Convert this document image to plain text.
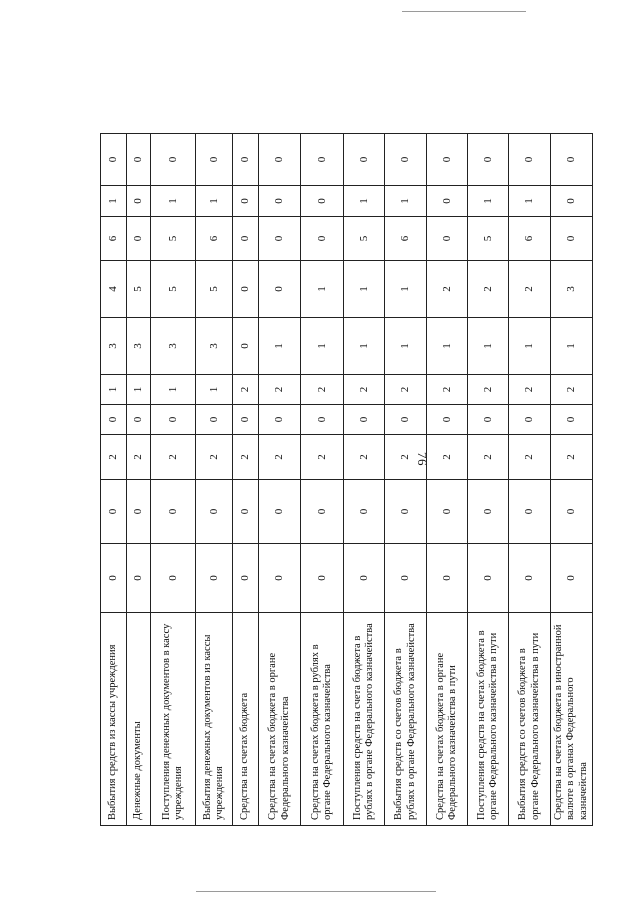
76
Выбытия средств из кассы учреждения	0	0	2	0	1	3	4	6	1	0
Денежные документы	0	0	2	0	1	3	5	0	0	0
Поступления денежных документов в кассу учреждения	0	0	2	0	1	3	5	5	1	0
Выбытия денежных документов из кассы учреждения	0	0	2	0	1	3	5	6	1	0
Средства на счетах бюджета	0	0	2	0	2	0	0	0	0	0
Средства на счетах бюджета в органе Федерального казначейства	0	0	2	0	2	1	0	0	0	0
Средства на счетах бюджета в рублях в органе Федерального казначейства	0	0	2	0	2	1	1	0	0	0
Поступления средств на счета бюджета в рублях в органе Федерального казначейства	0	0	2	0	2	1	1	5	1	0
Выбытия средств со счетов бюджета в рублях в органе Федерального казначейства	0	0	2	0	2	1	1	6	1	0
Средства на счетах бюджета в органе Федерального казначейства в пути	0	0	2	0	2	1	2	0	0	0
Поступления средств на счетах бюджета в органе Федерального казначейства в пути	0	0	2	0	2	1	2	5	1	0
Выбытия средств со счетов бюджета в органе Федерального казначейства в пути	0	0	2	0	2	1	2	6	1	0
Средства на счетах бюджета в иностранной валюте в органах Федерального казначейства	0	0	2	0	2	1	3	0	0	0
